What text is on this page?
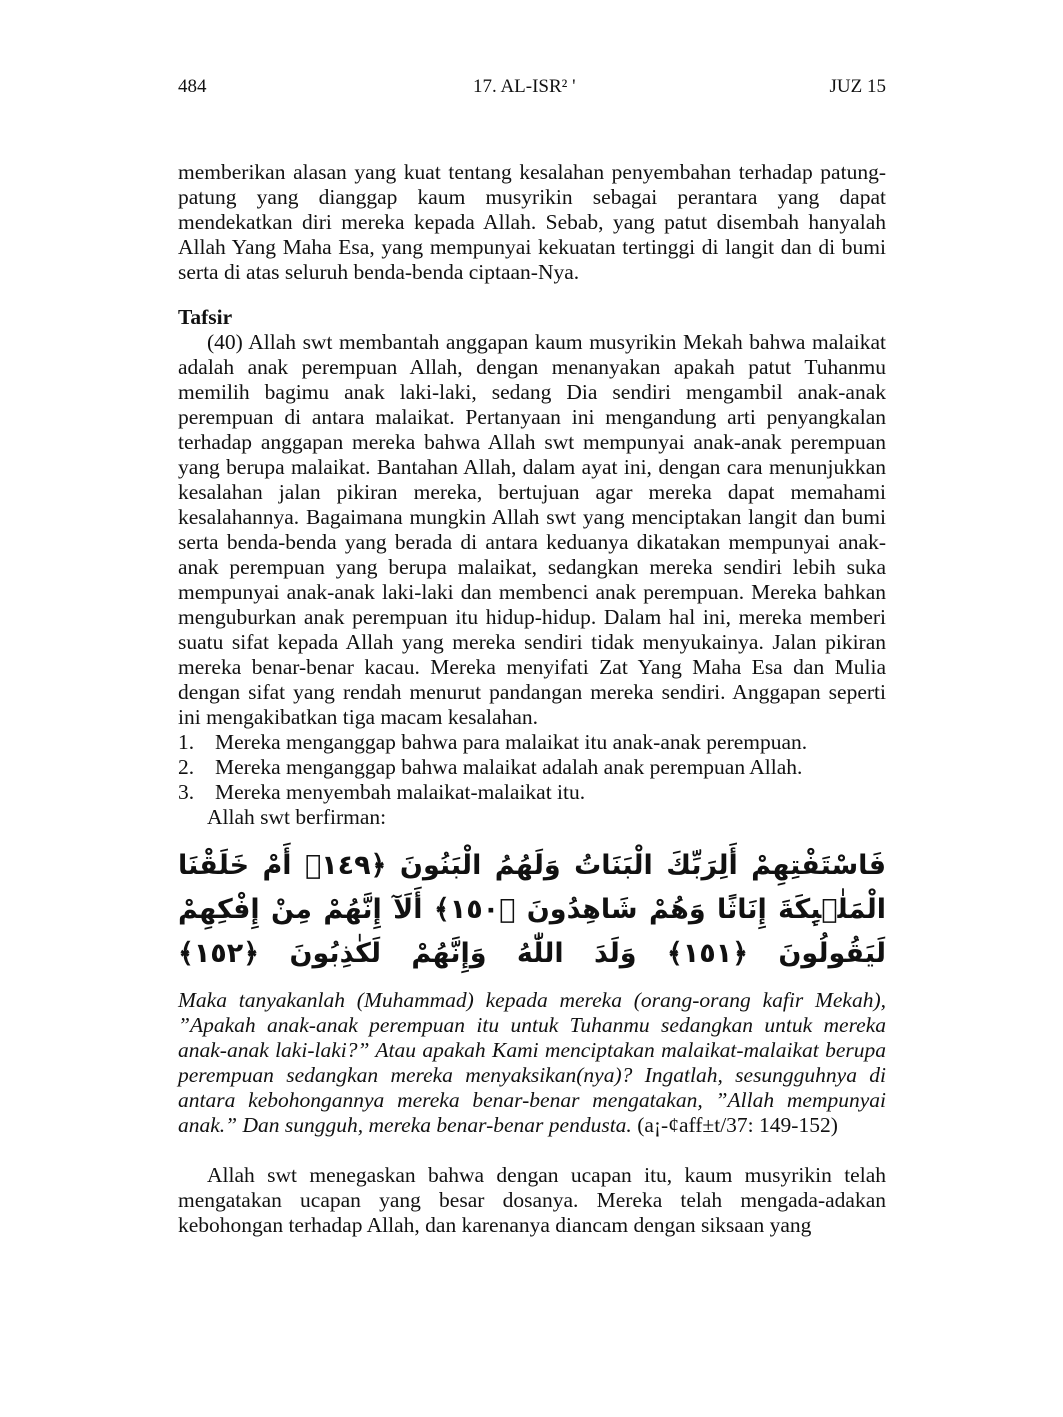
484	17. AL-ISR² '	JUZ 15

memberikan alasan yang kuat tentang kesalahan penyembahan terhadap patung-patung yang dianggap kaum musyrikin sebagai perantara yang dapat mendekatkan diri mereka kepada Allah. Sebab, yang patut disembah hanyalah Allah Yang Maha Esa, yang mempunyai kekuatan tertinggi di langit dan di bumi serta di atas seluruh benda-benda ciptaan-Nya.

Tafsir

(40) Allah swt membantah anggapan kaum musyrikin Mekah bahwa malaikat adalah anak perempuan Allah, dengan menanyakan apakah patut Tuhanmu memilih bagimu anak laki-laki, sedang Dia sendiri mengambil anak-anak perempuan di antara malaikat. Pertanyaan ini mengandung arti penyangkalan terhadap anggapan mereka bahwa Allah swt mempunyai anak-anak perempuan yang berupa malaikat. Bantahan Allah, dalam ayat ini, dengan cara menunjukkan kesalahan jalan pikiran mereka, bertujuan agar mereka dapat memahami kesalahannya. Bagaimana mungkin Allah swt yang menciptakan langit dan bumi serta benda-benda yang berada di antara keduanya dikatakan mempunyai anak-anak perempuan yang berupa malaikat, sedangkan mereka sendiri lebih suka mempunyai anak-anak laki-laki dan membenci anak perempuan. Mereka bahkan menguburkan anak perempuan itu hidup-hidup. Dalam hal ini, mereka memberi suatu sifat kepada Allah yang mereka sendiri tidak menyukainya. Jalan pikiran mereka benar-benar kacau. Mereka menyifati Zat Yang Maha Esa dan Mulia dengan sifat yang rendah menurut pandangan mereka sendiri. Anggapan seperti ini mengakibatkan tiga macam kesalahan.

1. Mereka menganggap bahwa para malaikat itu anak-anak perempuan.
2. Mereka menganggap bahwa malaikat adalah anak perempuan Allah.
3. Mereka menyembah malaikat-malaikat itu.

Allah swt berfirman:

فَاسْتَفْتِهِمْ أَلِرَبِّكَ الْبَنَاتُ وَلَهُمُ الْبَنُونَ ﴿١٤٩﴾ أَمْ خَلَقْنَا الْمَلٰۤىِٕكَةَ إِنَاثًا وَهُمْ شَاهِدُونَ ﴿١٥٠﴾ أَلَآ إِنَّهُمْ مِنْ إِفْكِهِمْ لَيَقُولُونَ ﴿١٥١﴾ وَلَدَ اللّٰهُ وَإِنَّهُمْ لَكٰذِبُونَ ﴿١٥٢﴾

Maka tanyakanlah (Muhammad) kepada mereka (orang-orang kafir Mekah), ”Apakah anak-anak perempuan itu untuk Tuhanmu sedangkan untuk mereka anak-anak laki-laki?” Atau apakah Kami menciptakan malaikat-malaikat berupa perempuan sedangkan mereka menyaksikan(nya)? Ingatlah, sesungguhnya di antara kebohongannya mereka benar-benar mengatakan, ”Allah mempunyai anak.” Dan sungguh, mereka benar-benar pendusta. (a¡-¢aff±t/37: 149-152)

Allah swt menegaskan bahwa dengan ucapan itu, kaum musyrikin telah mengatakan ucapan yang besar dosanya. Mereka telah mengada-adakan kebohongan terhadap Allah, dan karenanya diancam dengan siksaan yang
